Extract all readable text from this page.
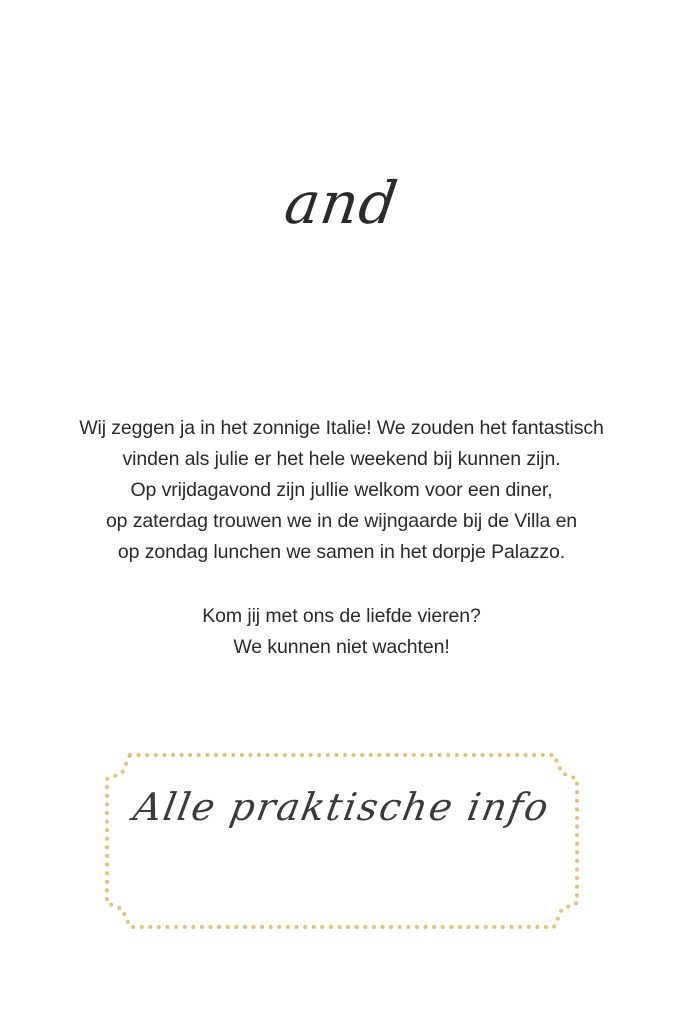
and
Wij zeggen ja in het zonnige Italie! We zouden het fantastisch
vinden als julie er het hele weekend bij kunnen zijn.
Op vrijdagavond zijn jullie welkom voor een diner,
op zaterdag trouwen we in de wijngaarde bij de Villa en
op zondag lunchen we samen in het dorpje Palazzo.
Kom jij met ons de liefde vieren?
We kunnen niet wachten!
Alle praktische info
